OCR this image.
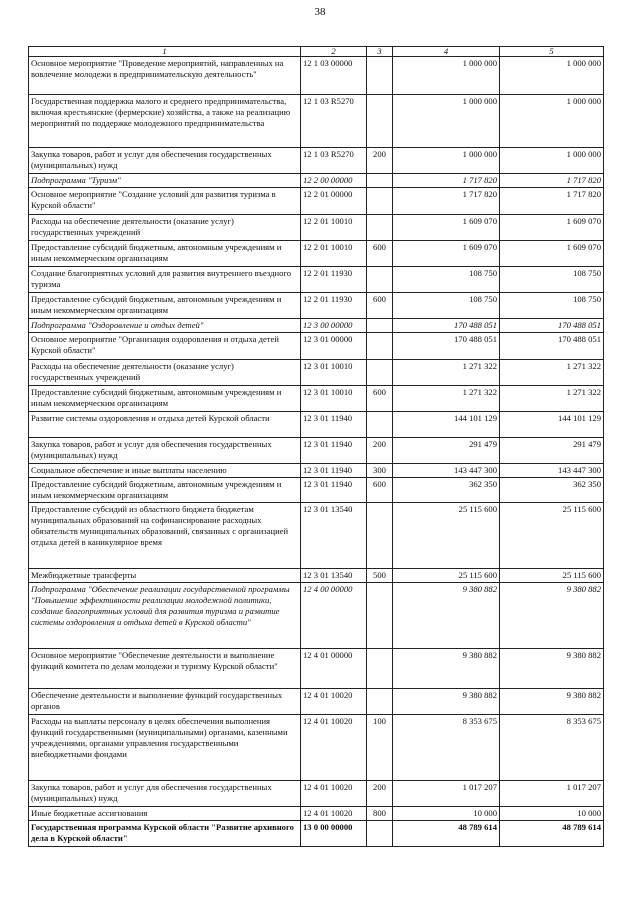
38
1	2	3	4	5
Основное мероприятие "Проведение мероприятий, направленных на вовлечение молодежи в предпринимательскую деятельность"	12 1 03 00000		1 000 000	1 000 000
Государственная поддержка малого и среднего предпринимательства, включая крестьянские (фермерские) хозяйства, а также на реализацию мероприятий по поддержке молодежного предпринимательства	12 1 03 R5270		1 000 000	1 000 000
Закупка товаров, работ и услуг для обеспечения государственных (муниципальных) нужд	12 1 03 R5270	200	1 000 000	1 000 000
Подпрограмма "Туризм"	12 2 00 00000		1 717 820	1 717 820
Основное мероприятие "Создание условий для развития туризма в Курской области"	12 2 01 00000		1 717 820	1 717 820
Расходы на обеспечение деятельности (оказание услуг) государственных учреждений	12 2 01 10010		1 609 070	1 609 070
Предоставление субсидий бюджетным, автономным учреждениям и иным некоммерческим организациям	12 2 01 10010	600	1 609 070	1 609 070
Создание благоприятных условий для развития внутреннего въездного туризма	12 2 01 11930		108 750	108 750
Предоставление субсидий бюджетным, автономным учреждениям и иным некоммерческим организациям	12 2 01 11930	600	108 750	108 750
Подпрограмма "Оздоровление и отдых детей"	12 3 00 00000		170 488 051	170 488 051
Основное мероприятие "Организация оздоровления и отдыха детей Курской области"	12 3 01 00000		170 488 051	170 488 051
Расходы на обеспечение деятельности (оказание услуг) государственных учреждений	12 3 01 10010		1 271 322	1 271 322
Предоставление субсидий бюджетным, автономным учреждениям и иным некоммерческим организациям	12 3 01 10010	600	1 271 322	1 271 322
Развитие системы оздоровления и отдыха детей Курской области	12 3 01 11940		144 101 129	144 101 129
Закупка товаров, работ и услуг для обеспечения государственных (муниципальных) нужд	12 3 01 11940	200	291 479	291 479
Социальное обеспечение и иные выплаты населению	12 3 01 11940	300	143 447 300	143 447 300
Предоставление субсидий бюджетным, автономным учреждениям и иным некоммерческим организациям	12 3 01 11940	600	362 350	362 350
Предоставление субсидий из областного бюджета бюджетам муниципальных образований на софинансирование расходных обязательств муниципальных образований, связанных с организацией отдыха детей в каникулярное время	12 3 01 13540		25 115 600	25 115 600
Межбюджетные трансферты	12 3 01 13540	500	25 115 600	25 115 600
Подпрограмма "Обеспечение реализации государственной программы "Повышение эффективности реализации молодежной политики, создание благоприятных условий для развития туризма и развитие системы оздоровления и отдыха детей в Курской области"	12 4 00 00000		9 380 882	9 380 882
Основное мероприятие "Обеспечение деятельности и выполнение функций комитета по делам молодежи и туризму Курской области"	12 4 01 00000		9 380 882	9 380 882
Обеспечение деятельности и выполнение функций государственных органов	12 4 01 10020		9 380 882	9 380 882
Расходы на выплаты персоналу в целях обеспечения выполнения функций государственными (муниципальными) органами, казенными учреждениями, органами управления государственными внебюджетными фондами	12 4 01 10020	100	8 353 675	8 353 675
Закупка товаров, работ и услуг для обеспечения государственных (муниципальных) нужд	12 4 01 10020	200	1 017 207	1 017 207
Иные бюджетные ассигнования	12 4 01 10020	800	10 000	10 000
Государственная программа Курской области "Развитие архивного дела в Курской области"	13 0 00 00000		48 789 614	48 789 614
